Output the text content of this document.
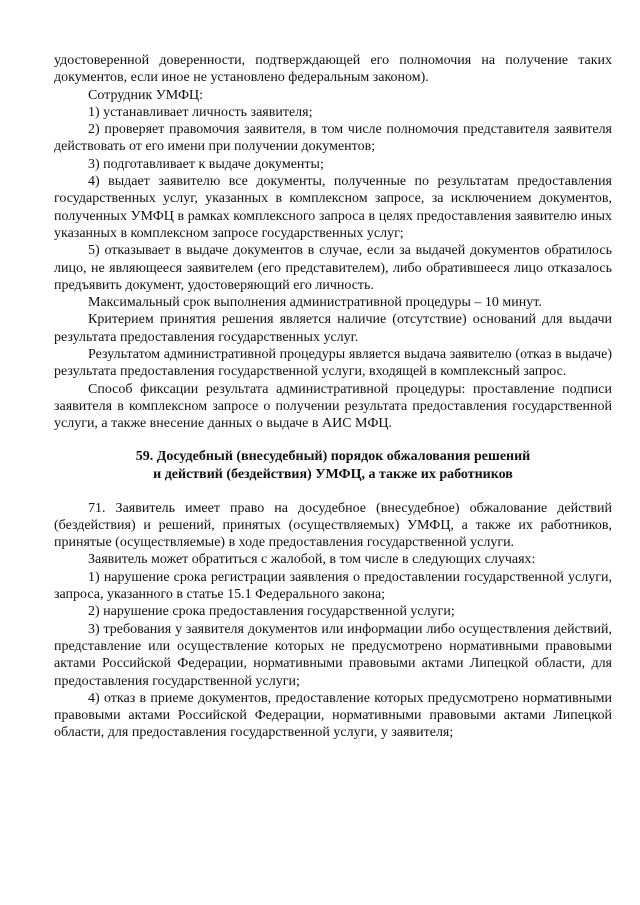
удостоверенной доверенности, подтверждающей его полномочия на получение таких документов, если иное не установлено федеральным законом).

Сотрудник УМФЦ:

1) устанавливает личность заявителя;

2) проверяет правомочия заявителя, в том числе полномочия представителя заявителя действовать от его имени при получении документов;

3) подготавливает к выдаче документы;

4) выдает заявителю все документы, полученные по результатам предоставления государственных услуг, указанных в комплексном запросе, за исключением документов, полученных УМФЦ в рамках комплексного запроса в целях предоставления заявителю иных указанных в комплексном запросе государственных услуг;

5) отказывает в выдаче документов в случае, если за выдачей документов обратилось лицо, не являющееся заявителем (его представителем), либо обратившееся лицо отказалось предъявить документ, удостоверяющий его личность.

Максимальный срок выполнения административной процедуры – 10 минут.

Критерием принятия решения является наличие (отсутствие) оснований для выдачи результата предоставления государственных услуг.

Результатом административной процедуры является выдача заявителю (отказ в выдаче) результата предоставления государственной услуги, входящей в комплексный запрос.

Способ фиксации результата административной процедуры: проставление подписи заявителя в комплексном запросе о получении результата предоставления государственной услуги, а также внесение данных о выдаче в АИС МФЦ.

59. Досудебный (внесудебный) порядок обжалования решений
и действий (бездействия) УМФЦ, а также их работников

71. Заявитель имеет право на досудебное (внесудебное) обжалование действий (бездействия) и решений, принятых (осуществляемых) УМФЦ, а также их работников, принятые (осуществляемые) в ходе предоставления государственной услуги.

Заявитель может обратиться с жалобой, в том числе в следующих случаях:

1) нарушение срока регистрации заявления о предоставлении государственной услуги, запроса, указанного в статье 15.1 Федерального закона;

2) нарушение срока предоставления государственной услуги;

3) требования у заявителя документов или информации либо осуществления действий, представление или осуществление которых не предусмотрено нормативными правовыми актами Российской Федерации, нормативными правовыми актами Липецкой области, для предоставления государственной услуги;

4) отказ в приеме документов, предоставление которых предусмотрено нормативными правовыми актами Российской Федерации, нормативными правовыми актами Липецкой области, для предоставления государственной услуги, у заявителя;
